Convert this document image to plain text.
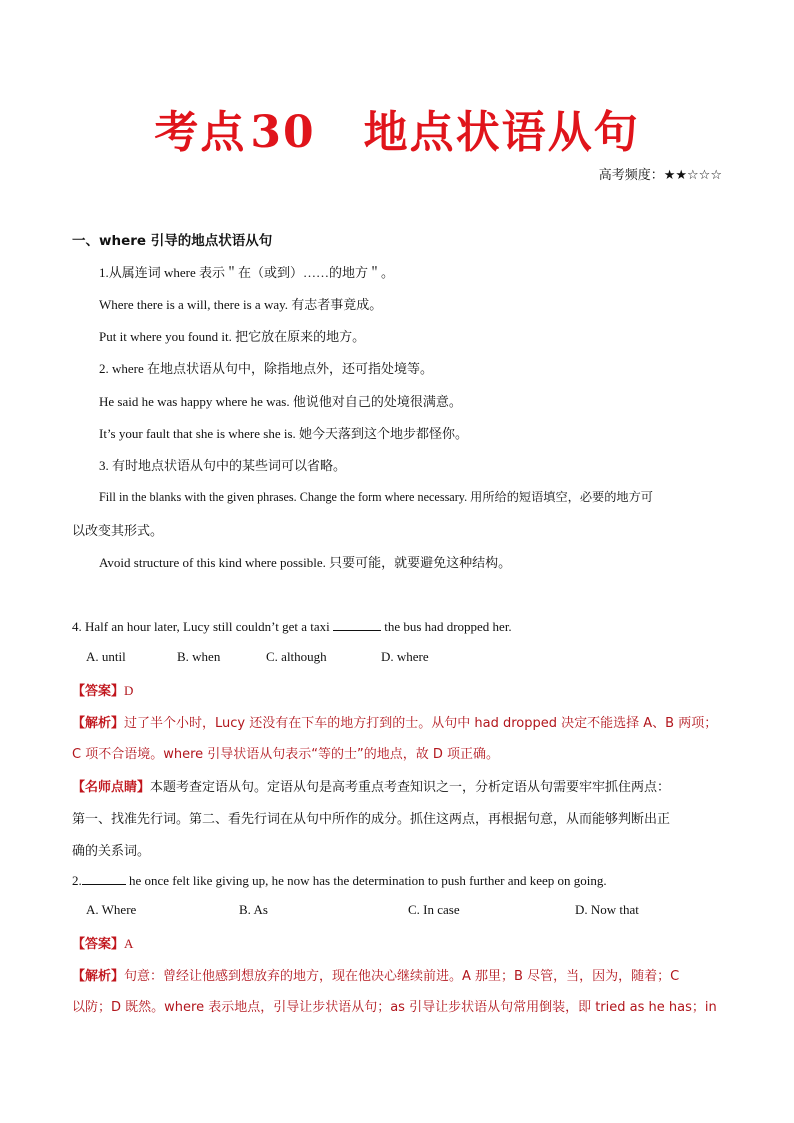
考点30 地点状语从句
高考频度：★★☆☆☆
一、where 引导的地点状语从句
1.从属连词 where 表示＂在（或到）……的地方＂。
Where there is a will, there is a way. 有志者事竟成。
Put it where you found it. 把它放在原来的地方。
2. where 在地点状语从句中，除指地点外，还可指处境等。
He said he was happy where he was. 他说他对自己的处境很满意。
It’s your fault that she is where she is. 她今天落到这个地步都怪你。
3. 有时地点状语从句中的某些词可以省略。
Fill in the blanks with the given phrases. Change the form where necessary. 用所给的短语填空，必要的地方可
以改变其形式。
Avoid structure of this kind where possible. 只要可能，就要避免这种结构。
4. Half an hour later, Lucy still couldn’t get a taxi	the bus had dropped her.
A. until	B. when	C. although	D. where
【答案】D
【解析】过了半个小时，Lucy 还没有在下车的地方打到的士。从句中 had dropped 决定不能选择 A、B 两项；
C 项不合语境。where 引导状语从句表示“等的士”的地点，故 D 项正确。
【名师点睛】本题考查定语从句。定语从句是高考重点考查知识之一，分析定语从句需要牢牢抓住两点：
第一、找准先行词。第二、看先行词在从句中所作的成分。抓住这两点，再根据句意，从而能够判断出正
确的关系词。
2.	he once felt like giving up, he now has the determination to push further and keep on going.
A. Where	B. As	C. In case	D. Now that
【答案】A
【解析】句意：曾经让他感到想放弃的地方，现在他决心继续前进。A 那里；B 尽管，当，因为，随着；C
以防；D 既然。where 表示地点，引导让步状语从句；as 引导让步状语从句常用倒装，即 tried as he has；in
